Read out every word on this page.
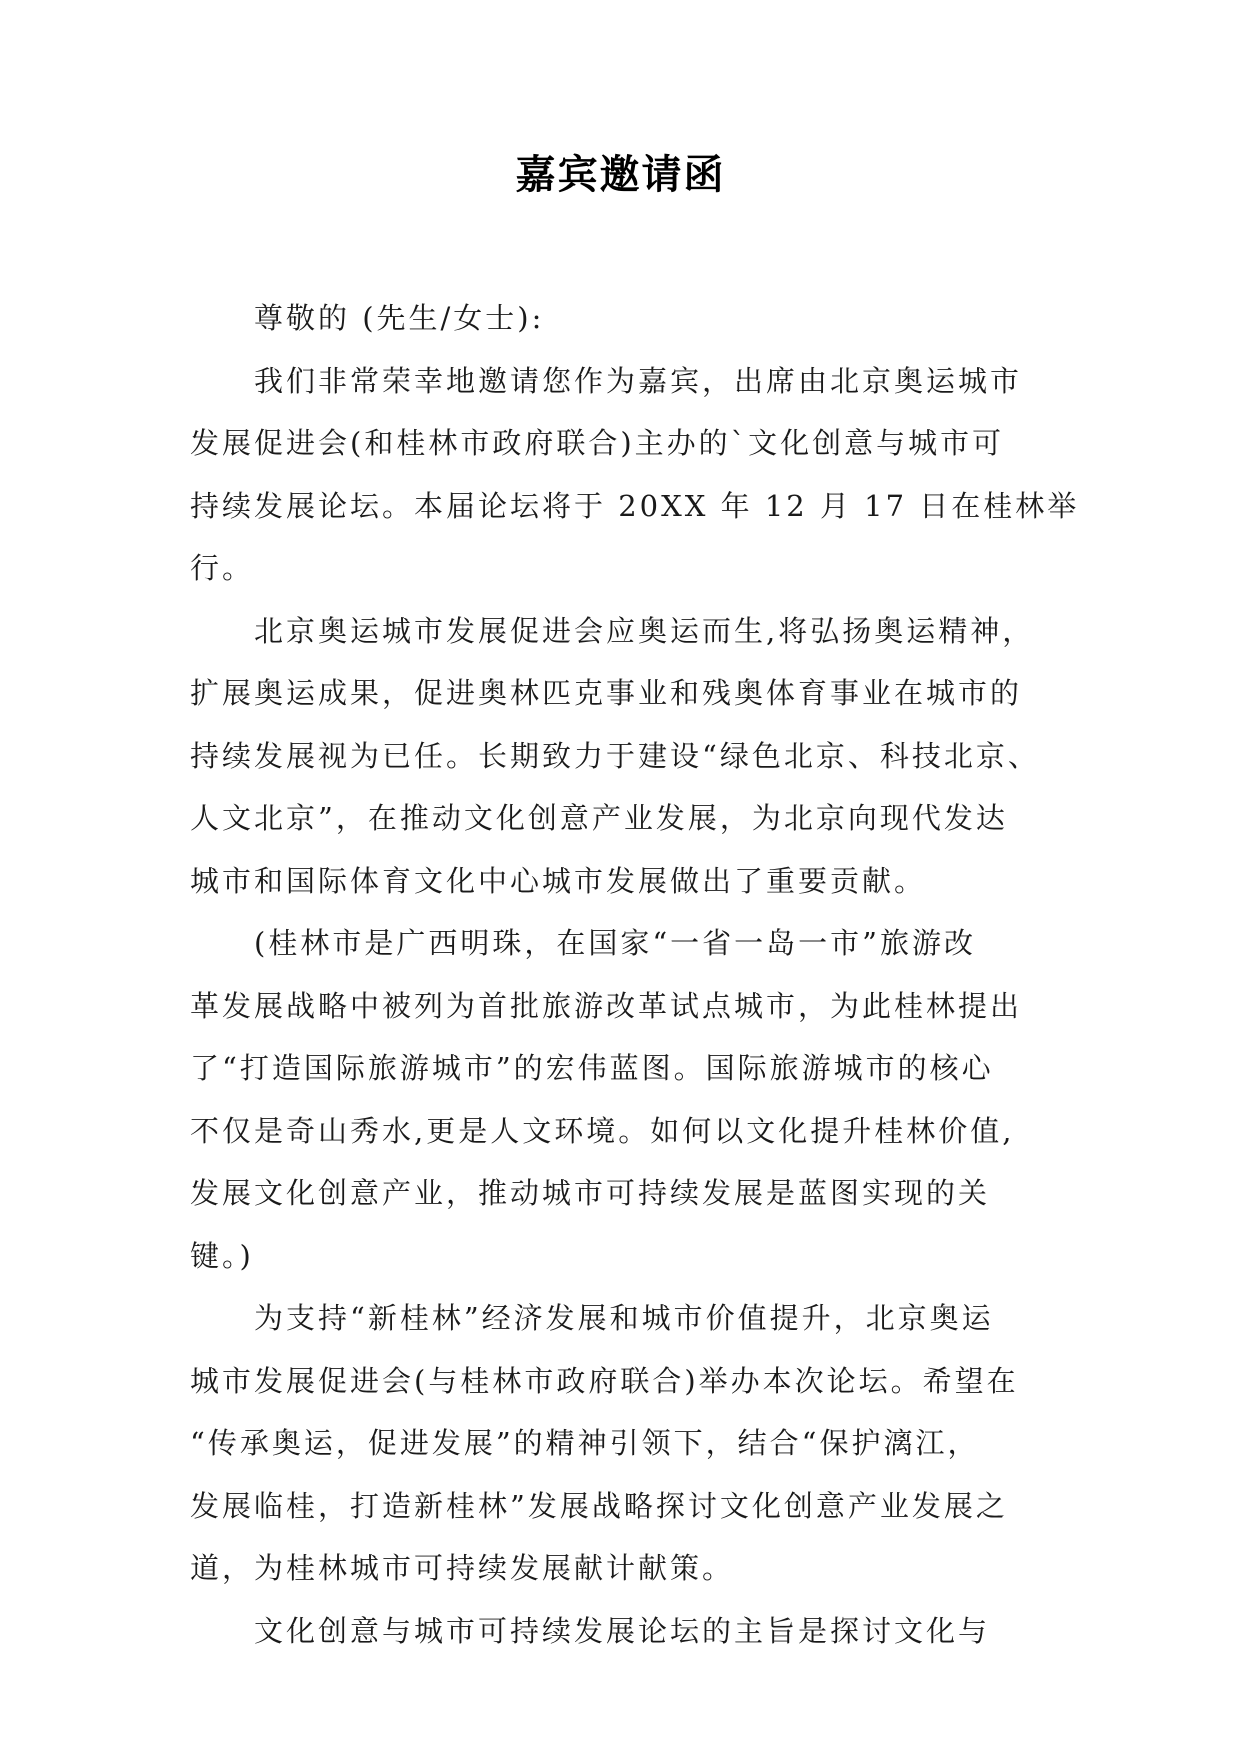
嘉宾邀请函
尊敬的 (先生/女士):
我们非常荣幸地邀请您作为嘉宾，出席由北京奥运城市
发展促进会(和桂林市政府联合)主办的`文化创意与城市可
持续发展论坛。本届论坛将于 20XX 年 12 月 17 日在桂林举
行。
北京奥运城市发展促进会应奥运而生,将弘扬奥运精神，
扩展奥运成果，促进奥林匹克事业和残奥体育事业在城市的
持续发展视为已任。长期致力于建设“绿色北京、科技北京、
人文北京”，在推动文化创意产业发展，为北京向现代发达
城市和国际体育文化中心城市发展做出了重要贡献。
(桂林市是广西明珠，在国家“一省一岛一市”旅游改
革发展战略中被列为首批旅游改革试点城市，为此桂林提出
了“打造国际旅游城市”的宏伟蓝图。国际旅游城市的核心
不仅是奇山秀水,更是人文环境。如何以文化提升桂林价值,
发展文化创意产业，推动城市可持续发展是蓝图实现的关
键。)
为支持“新桂林”经济发展和城市价值提升，北京奥运
城市发展促进会(与桂林市政府联合)举办本次论坛。希望在
“传承奥运，促进发展”的精神引领下，结合“保护漓江，
发展临桂，打造新桂林”发展战略探讨文化创意产业发展之
道，为桂林城市可持续发展献计献策。
文化创意与城市可持续发展论坛的主旨是探讨文化与
